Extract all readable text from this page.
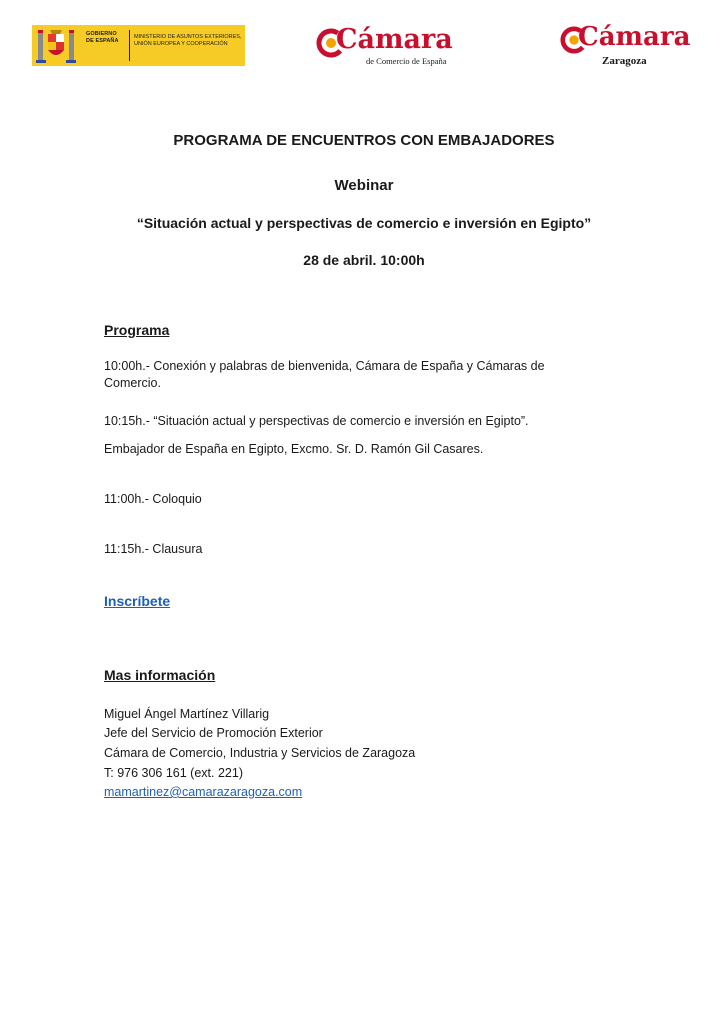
GOBIERNO DE ESPAÑA
MINISTERIO DE ASUNTOS EXTERIORES, UNIÓN EUROPEA Y COOPERACIÓN	Cámara
de Comercio de España
Cámara
Zaragoza
PROGRAMA DE ENCUENTROS CON EMBAJADORES
Webinar
“Situación actual y perspectivas de comercio e inversión en Egipto”
28 de abril. 10:00h
Programa
10:00h.- Conexión y palabras de bienvenida, Cámara de España y Cámaras de Comercio.
10:15h.- “Situación actual y perspectivas de comercio e inversión en Egipto”.
Embajador de España en Egipto, Excmo. Sr. D. Ramón Gil Casares.
11:00h.- Coloquio
11:15h.- Clausura
Inscríbete
Mas información
Miguel Ángel Martínez Villarig
Jefe del Servicio de Promoción Exterior
Cámara de Comercio, Industria y Servicios de Zaragoza
T: 976 306 161 (ext. 221)
mamartinez@camarazaragoza.com
